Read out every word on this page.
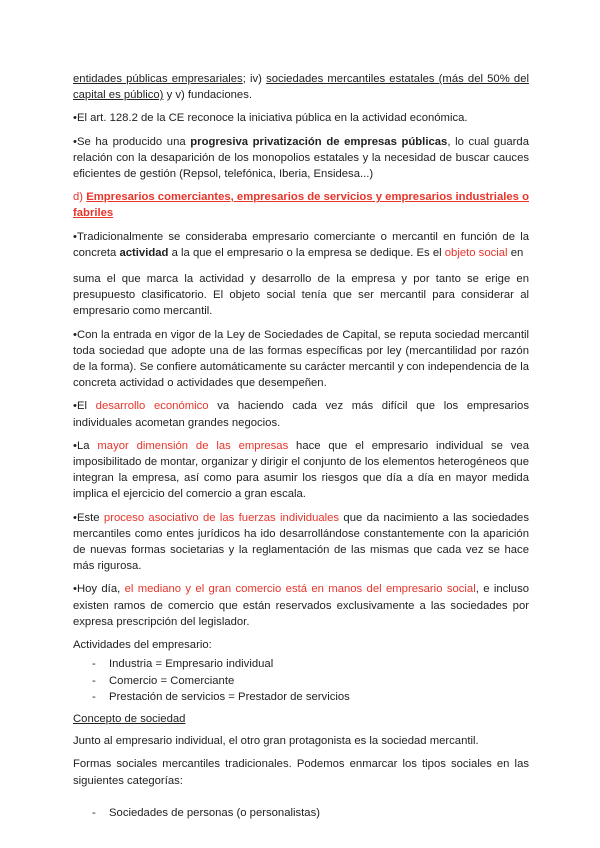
entidades públicas empresariales; iv) sociedades mercantiles estatales (más del 50% del capital es público) y v) fundaciones.

•El art. 128.2 de la CE reconoce la iniciativa pública en la actividad económica.

•Se ha producido una progresiva privatización de empresas públicas, lo cual guarda relación con la desaparición de los monopolios estatales y la necesidad de buscar cauces eficientes de gestión (Repsol, telefónica, Iberia, Ensidesa...)

d) Empresarios comerciantes, empresarios de servicios y empresarios industriales o fabriles

•Tradicionalmente se consideraba empresario comerciante o mercantil en función de la concreta actividad a la que el empresario o la empresa se dedique. Es el objeto social en

suma el que marca la actividad y desarrollo de la empresa y por tanto se erige en presupuesto clasificatorio. El objeto social tenía que ser mercantil para considerar al empresario como mercantil.

•Con la entrada en vigor de la Ley de Sociedades de Capital, se reputa sociedad mercantil toda sociedad que adopte una de las formas específicas por ley (mercantilidad por razón de la forma). Se confiere automáticamente su carácter mercantil y con independencia de la concreta actividad o actividades que desempeñen.

•El desarrollo económico va haciendo cada vez más difícil que los empresarios individuales acometan grandes negocios.

•La mayor dimensión de las empresas hace que el empresario individual se vea imposibilitado de montar, organizar y dirigir el conjunto de los elementos heterogéneos que integran la empresa, así como para asumir los riesgos que día a día en mayor medida implica el ejercicio del comercio a gran escala.

•Este proceso asociativo de las fuerzas individuales que da nacimiento a las sociedades mercantiles como entes jurídicos ha ido desarrollándose constantemente con la aparición de nuevas formas societarias y la reglamentación de las mismas que cada vez se hace más rigurosa.

•Hoy día, el mediano y el gran comercio está en manos del empresario social, e incluso existen ramos de comercio que están reservados exclusivamente a las sociedades por expresa prescripción del legislador.

Actividades del empresario:

- Industria = Empresario individual
- Comercio = Comerciante
- Prestación de servicios = Prestador de servicios

Concepto de sociedad

Junto al empresario individual, el otro gran protagonista es la sociedad mercantil.

Formas sociales mercantiles tradicionales. Podemos enmarcar los tipos sociales en las siguientes categorías:

- Sociedades de personas (o personalistas)
